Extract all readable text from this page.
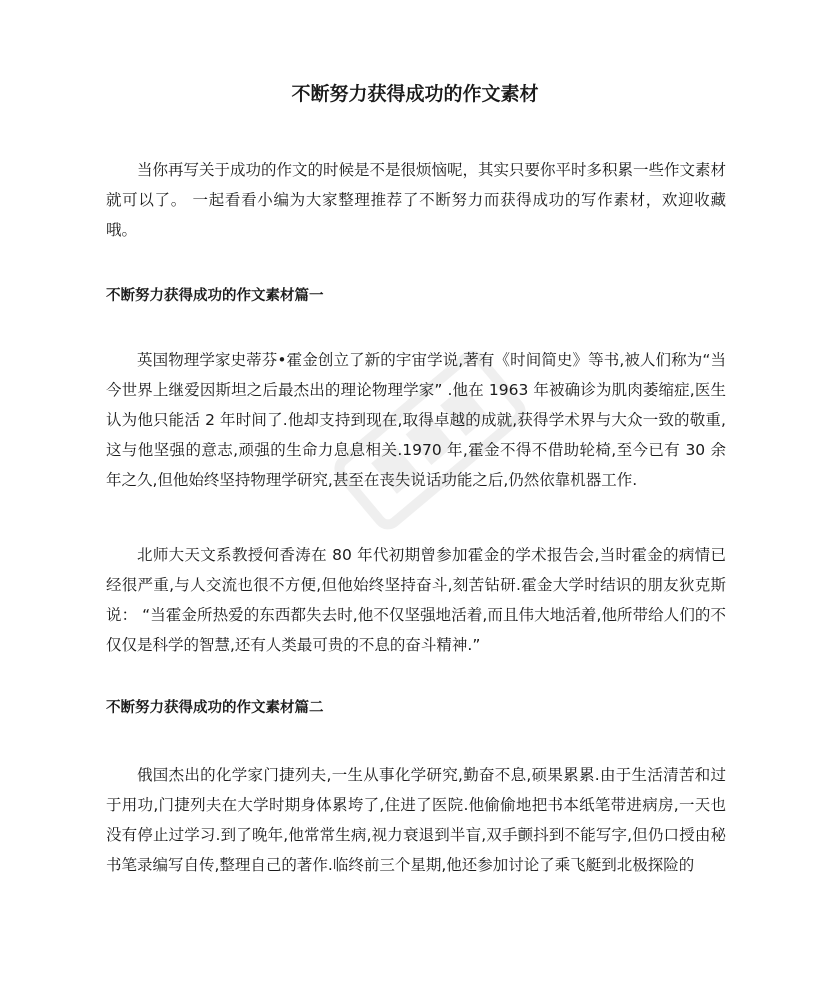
不断努力获得成功的作文素材
当你再写关于成功的作文的时候是不是很烦恼呢，其实只要你平时多积累一些作文素材就可以了。 一起看看小编为大家整理推荐了不断努力而获得成功的写作素材，欢迎收藏哦。
不断努力获得成功的作文素材篇一
英国物理学家史蒂芬•霍金创立了新的宇宙学说,著有《时间简史》等书,被人们称为“当今世界上继爱因斯坦之后最杰出的理论物理学家” .他在 1963 年被确诊为肌肉萎缩症,医生认为他只能活 2 年时间了.他却支持到现在,取得卓越的成就,获得学术界与大众一致的敬重,这与他坚强的意志,顽强的生命力息息相关.1970 年,霍金不得不借助轮椅,至今已有 30 余年之久,但他始终坚持物理学研究,甚至在丧失说话功能之后,仍然依靠机器工作.
北师大天文系教授何香涛在 80 年代初期曾参加霍金的学术报告会,当时霍金的病情已经很严重,与人交流也很不方便,但他始终坚持奋斗,刻苦钻研.霍金大学时结识的朋友狄克斯说： “当霍金所热爱的东西都失去时,他不仅坚强地活着,而且伟大地活着,他所带给人们的不仅仅是科学的智慧,还有人类最可贵的不息的奋斗精神.”
不断努力获得成功的作文素材篇二
俄国杰出的化学家门捷列夫,一生从事化学研究,勤奋不息,硕果累累.由于生活清苦和过于用功,门捷列夫在大学时期身体累垮了,住进了医院.他偷偷地把书本纸笔带进病房,一天也没有停止过学习.到了晚年,他常常生病,视力衰退到半盲,双手颤抖到不能写字,但仍口授由秘书笔录编写自传,整理自己的著作.临终前三个星期,他还参加讨论了乘飞艇到北极探险的
